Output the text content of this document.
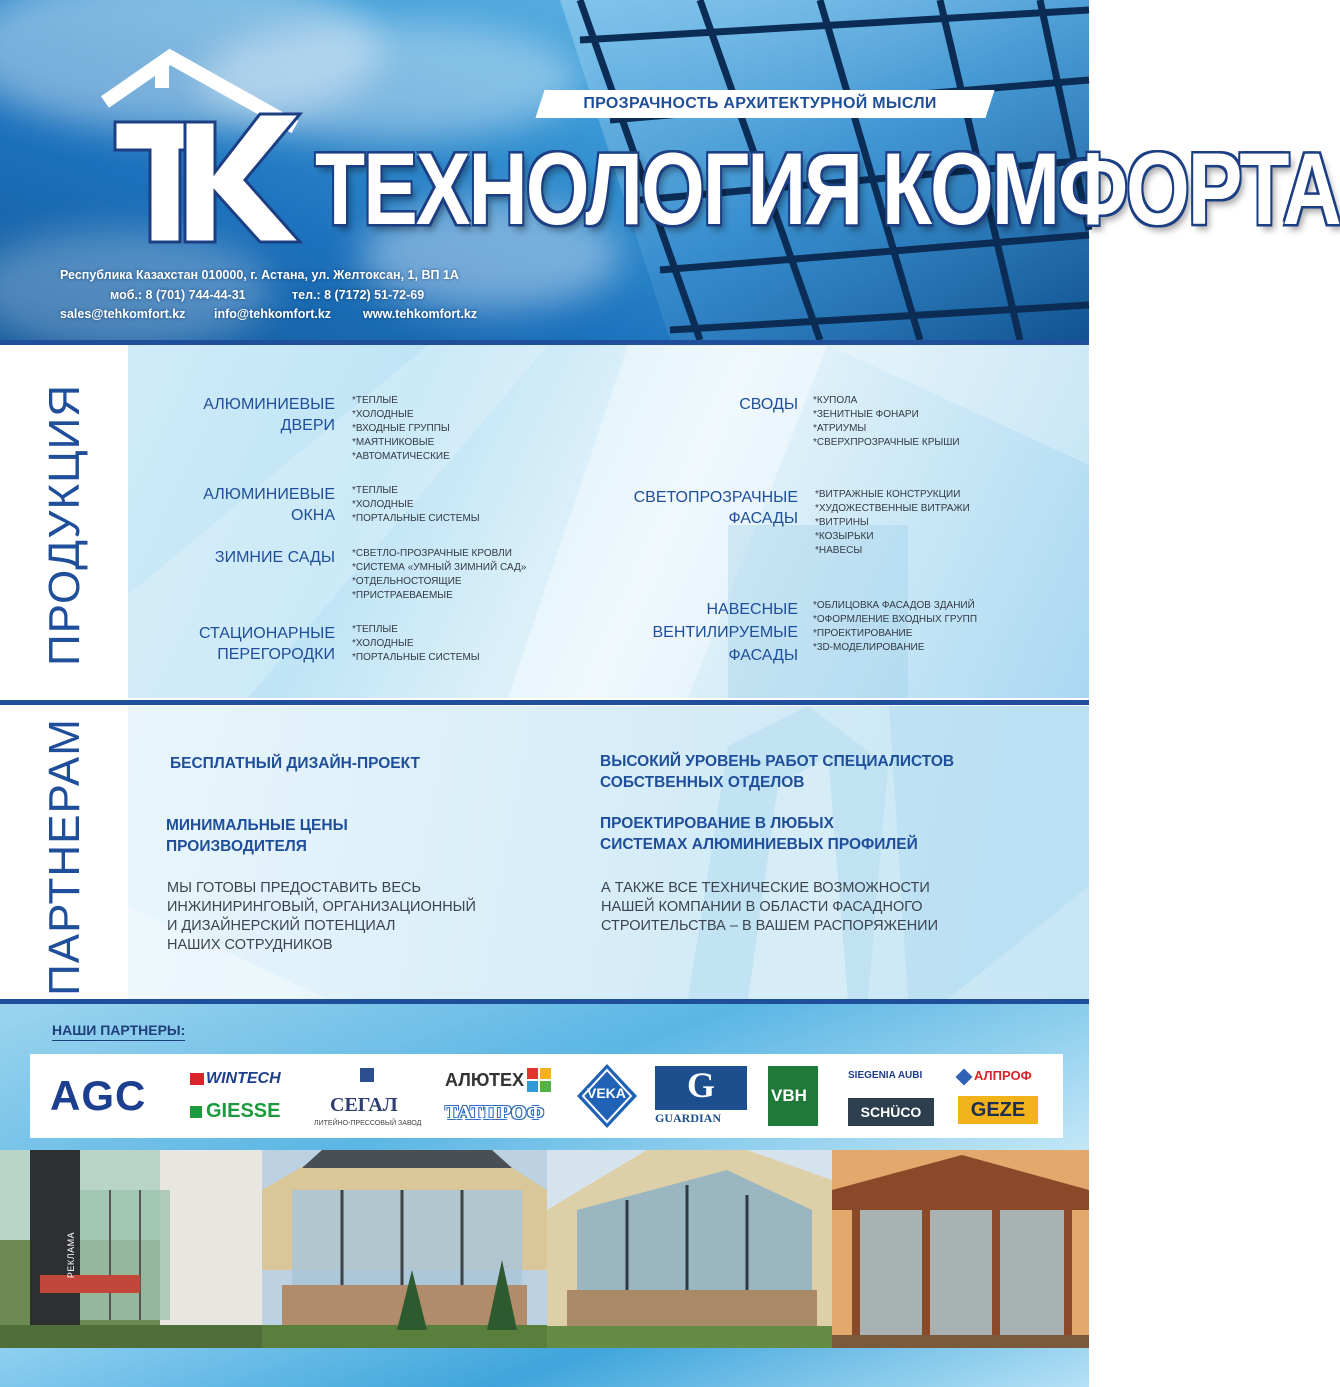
ТК
ПРОЗРАЧНОСТЬ АРХИТЕКТУРНОЙ МЫСЛИ
ТЕХНОЛОГИЯ КОМФОРТА
Республика Казахстан 010000, г. Астана, ул. Желтоксан, 1, ВП 1А
моб.: 8 (701) 744-44-31	тел.: 8 (7172) 51-72-69
sales@tehkomfort.kz info@tehkomfort.kz	www.tehkomfort.kz
ПРОДУКЦИЯ	АЛЮМИНИЕВЫЕ
ДВЕРИ
*ТЕПЛЫЕ
*ХОЛОДНЫЕ
*ВХОДНЫЕ ГРУППЫ
*МАЯТНИКОВЫЕ
*АВТОМАТИЧЕСКИЕ
АЛЮМИНИЕВЫЕ
ОКНА
*ТЕПЛЫЕ
*ХОЛОДНЫЕ
*ПОРТАЛЬНЫЕ СИСТЕМЫ
ЗИМНИЕ САДЫ *СВЕТЛО-ПРОЗРАЧНЫЕ КРОВЛИ
*СИСТЕМА «УМНЫЙ ЗИМНИЙ САД»
*ОТДЕЛЬНОСТОЯЩИЕ
*ПРИСТРАЕВАЕМЫЕ
СТАЦИОНАРНЫЕ
ПЕРЕГОРОДКИ
*ТЕПЛЫЕ
*ХОЛОДНЫЕ
*ПОРТАЛЬНЫЕ СИСТЕМЫ
СВОДЫ *КУПОЛА
*ЗЕНИТНЫЕ ФОНАРИ
*АТРИУМЫ
*СВЕРХПРОЗРАЧНЫЕ КРЫШИ
СВЕТОПРОЗРАЧНЫЕ
ФАСАДЫ
*ВИТРАЖНЫЕ КОНСТРУКЦИИ
*ХУДОЖЕСТВЕННЫЕ ВИТРАЖИ
*ВИТРИНЫ
*КОЗЫРЬКИ
*НАВЕСЫ
НАВЕСНЫЕ
ВЕНТИЛИРУЕМЫЕ
ФАСАДЫ
*ОБЛИЦОВКА ФАСАДОВ ЗДАНИЙ
*ОФОРМЛЕНИЕ ВХОДНЫХ ГРУПП
*ПРОЕКТИРОВАНИЕ
*3D-МОДЕЛИРОВАНИЕ
ПАРТНЕРАМ	БЕСПЛАТНЫЙ ДИЗАЙН-ПРОЕКТ
МИНИМАЛЬНЫЕ ЦЕНЫ
ПРОИЗВОДИТЕЛЯ
МЫ ГОТОВЫ ПРЕДОСТАВИТЬ ВЕСЬ
ИНЖИНИРИНГОВЫЙ, ОРГАНИЗАЦИОННЫЙ
И ДИЗАЙНЕРСКИЙ ПОТЕНЦИАЛ
НАШИХ СОТРУДНИКОВ
ВЫСОКИЙ УРОВЕНЬ РАБОТ СПЕЦИАЛИСТОВ
СОБСТВЕННЫХ ОТДЕЛОВ
ПРОЕКТИРОВАНИЕ В ЛЮБЫХ
СИСТЕМАХ АЛЮМИНИЕВЫХ ПРОФИЛЕЙ
А ТАКЖЕ ВСЕ ТЕХНИЧЕСКИЕ ВОЗМОЖНОСТИ
НАШЕЙ КОМПАНИИ В ОБЛАСТИ ФАСАДНОГО
СТРОИТЕЛЬСТВА – В ВАШЕМ РАСПОРЯЖЕНИИ
НАШИ ПАРТНЕРЫ:
AGC	WINTECH
GIESSE СЕГАЛ
ЛИТЕЙНО-ПРЕССОВЫЙ ЗАВОД
АЛЮТЕХ
ТАТПРОФ
VEKA G
GUARDIAN
VBH
SIEGENIA AUBI
SCHÜCO
АЛПРОФ
GEZE
РЕКЛАМА
